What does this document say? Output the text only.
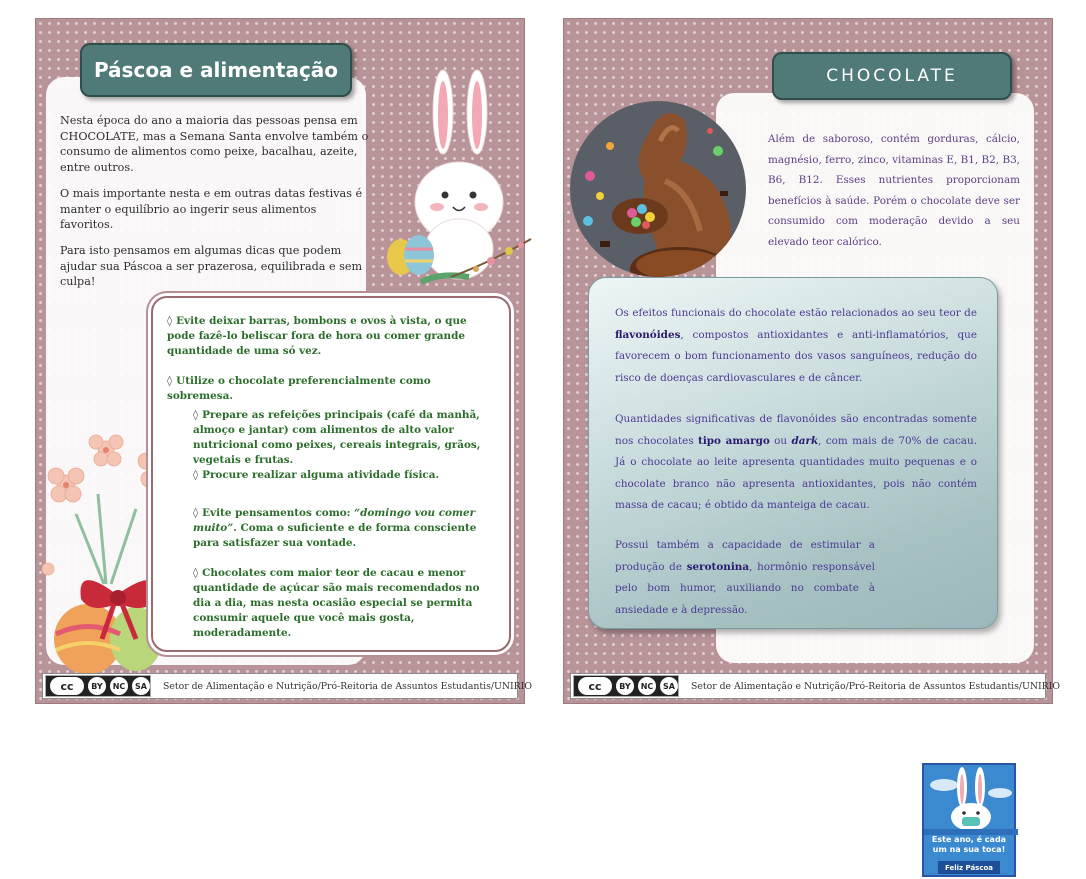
Páscoa e alimentação

Nesta época do ano a maioria das pessoas pensa em CHOCOLATE, mas a Semana Santa envolve também o consumo de alimentos como peixe, bacalhau, azeite, entre outros.

O mais importante nesta e em outras datas festivas é manter o equilíbrio ao ingerir seus alimentos favoritos.

Para isto pensamos em algumas dicas que podem ajudar sua Páscoa a ser prazerosa, equilibrada e sem culpa!

◊ Evite deixar barras, bombons e ovos à vista, o que pode fazê-lo beliscar fora de hora ou comer grande quantidade de uma só vez.

◊ Utilize o chocolate preferencialmente como sobremesa.

◊ Prepare as refeições principais (café da manhã, almoço e jantar) com alimentos de alto valor nutricional como peixes, cereais integrais, grãos, vegetais e frutas.

◊ Procure realizar alguma atividade física.

◊ Evite pensamentos como: “domingo vou comer muito”. Coma o suficiente e de forma consciente para satisfazer sua vontade.

◊ Chocolates com maior teor de cacau e menor quantidade de açúcar são mais recomendados no dia a dia, mas nesta ocasião especial se permita consumir aquele que você mais gosta, moderadamente.

cc	BY	NC	SA	Setor de Alimentação e Nutrição/Pró-Reitoria de Assuntos Estudantis/UNIRIO
CHOCOLATE

Além de saboroso, contém gorduras, cálcio, magnésio, ferro, zinco, vitaminas E, B1, B2, B3, B6, B12. Esses nutrientes proporcionam benefícios à saúde. Porém o chocolate deve ser consumido com moderação devido a seu elevado teor calórico.

Os efeitos funcionais do chocolate estão relacionados ao seu teor de flavonóides, compostos antioxidantes e anti-inflamatórios, que favorecem o bom funcionamento dos vasos sanguíneos, redução do risco de doenças cardiovasculares e de câncer.

Quantidades significativas de flavonóides são encontradas somente nos chocolates tipo amargo ou dark, com mais de 70% de cacau. Já o chocolate ao leite apresenta quantidades muito pequenas e o chocolate branco não apresenta antioxidantes, pois não contém massa de cacau; é obtido da manteiga de cacau.

Possui também a capacidade de estimular a produção de serotonina, hormônio responsável pelo bom humor, auxiliando no combate à ansiedade e à depressão.

Este ano, é cada um na sua toca!
Feliz Páscoa
cc	BY	NC	SA	Setor de Alimentação e Nutrição/Pró-Reitoria de Assuntos Estudantis/UNIRIO
